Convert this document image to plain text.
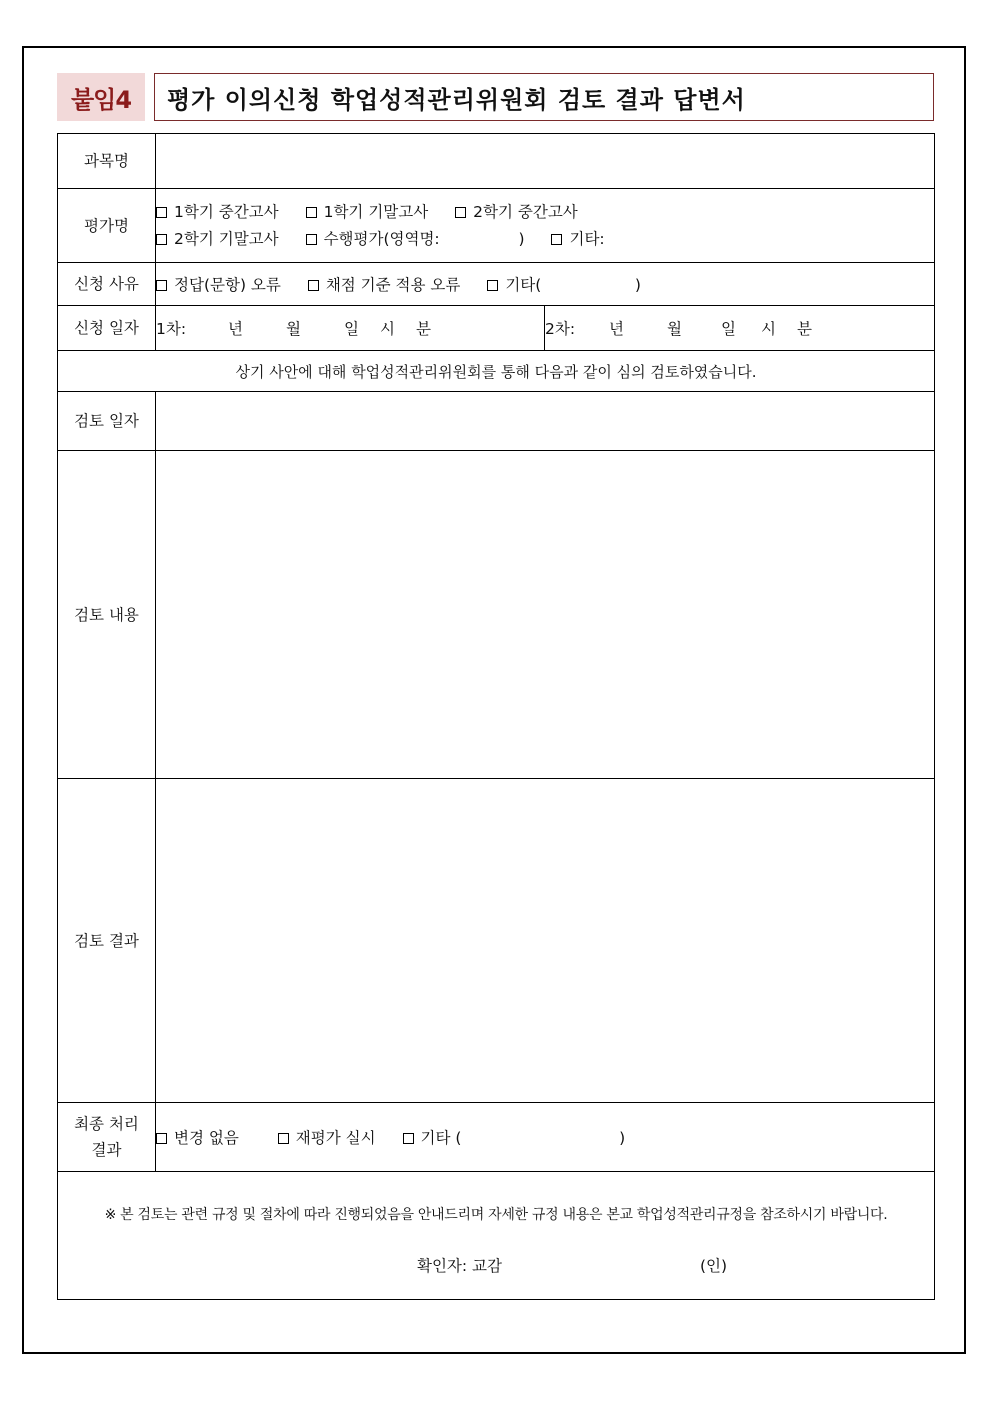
붙임4	평가 이의신청 학업성적관리위원회 검토 결과 답변서
과목명		
평가명	1학기 중간고사 1학기 기말고사 2학기 중간고사
2학기 기말고사 수행평가(영역명:                ) 기타:	

신청 사유	정답(문항) 오류 채점 기준 적용 오류 기타(                   )	
신청 일자	1차: 년 월 일 시 분	2차: 년 월 일 시 분
상기 사안에 대해 학업성적관리위원회를 통해 다음과 같이 심의 검토하였습니다.		
검토 일자		
검토 내용		
검토 결과		

최종 처리
결과	변경 없음 재평가 실시 기타 (                                )	

※ 본 검토는 관련 규정 및 절차에 따라 진행되었음을 안내드리며 자세한 규정 내용은 본교 학업성적관리규정을 참조하시기 바랍니다.
확인자: 교감 (인)		
